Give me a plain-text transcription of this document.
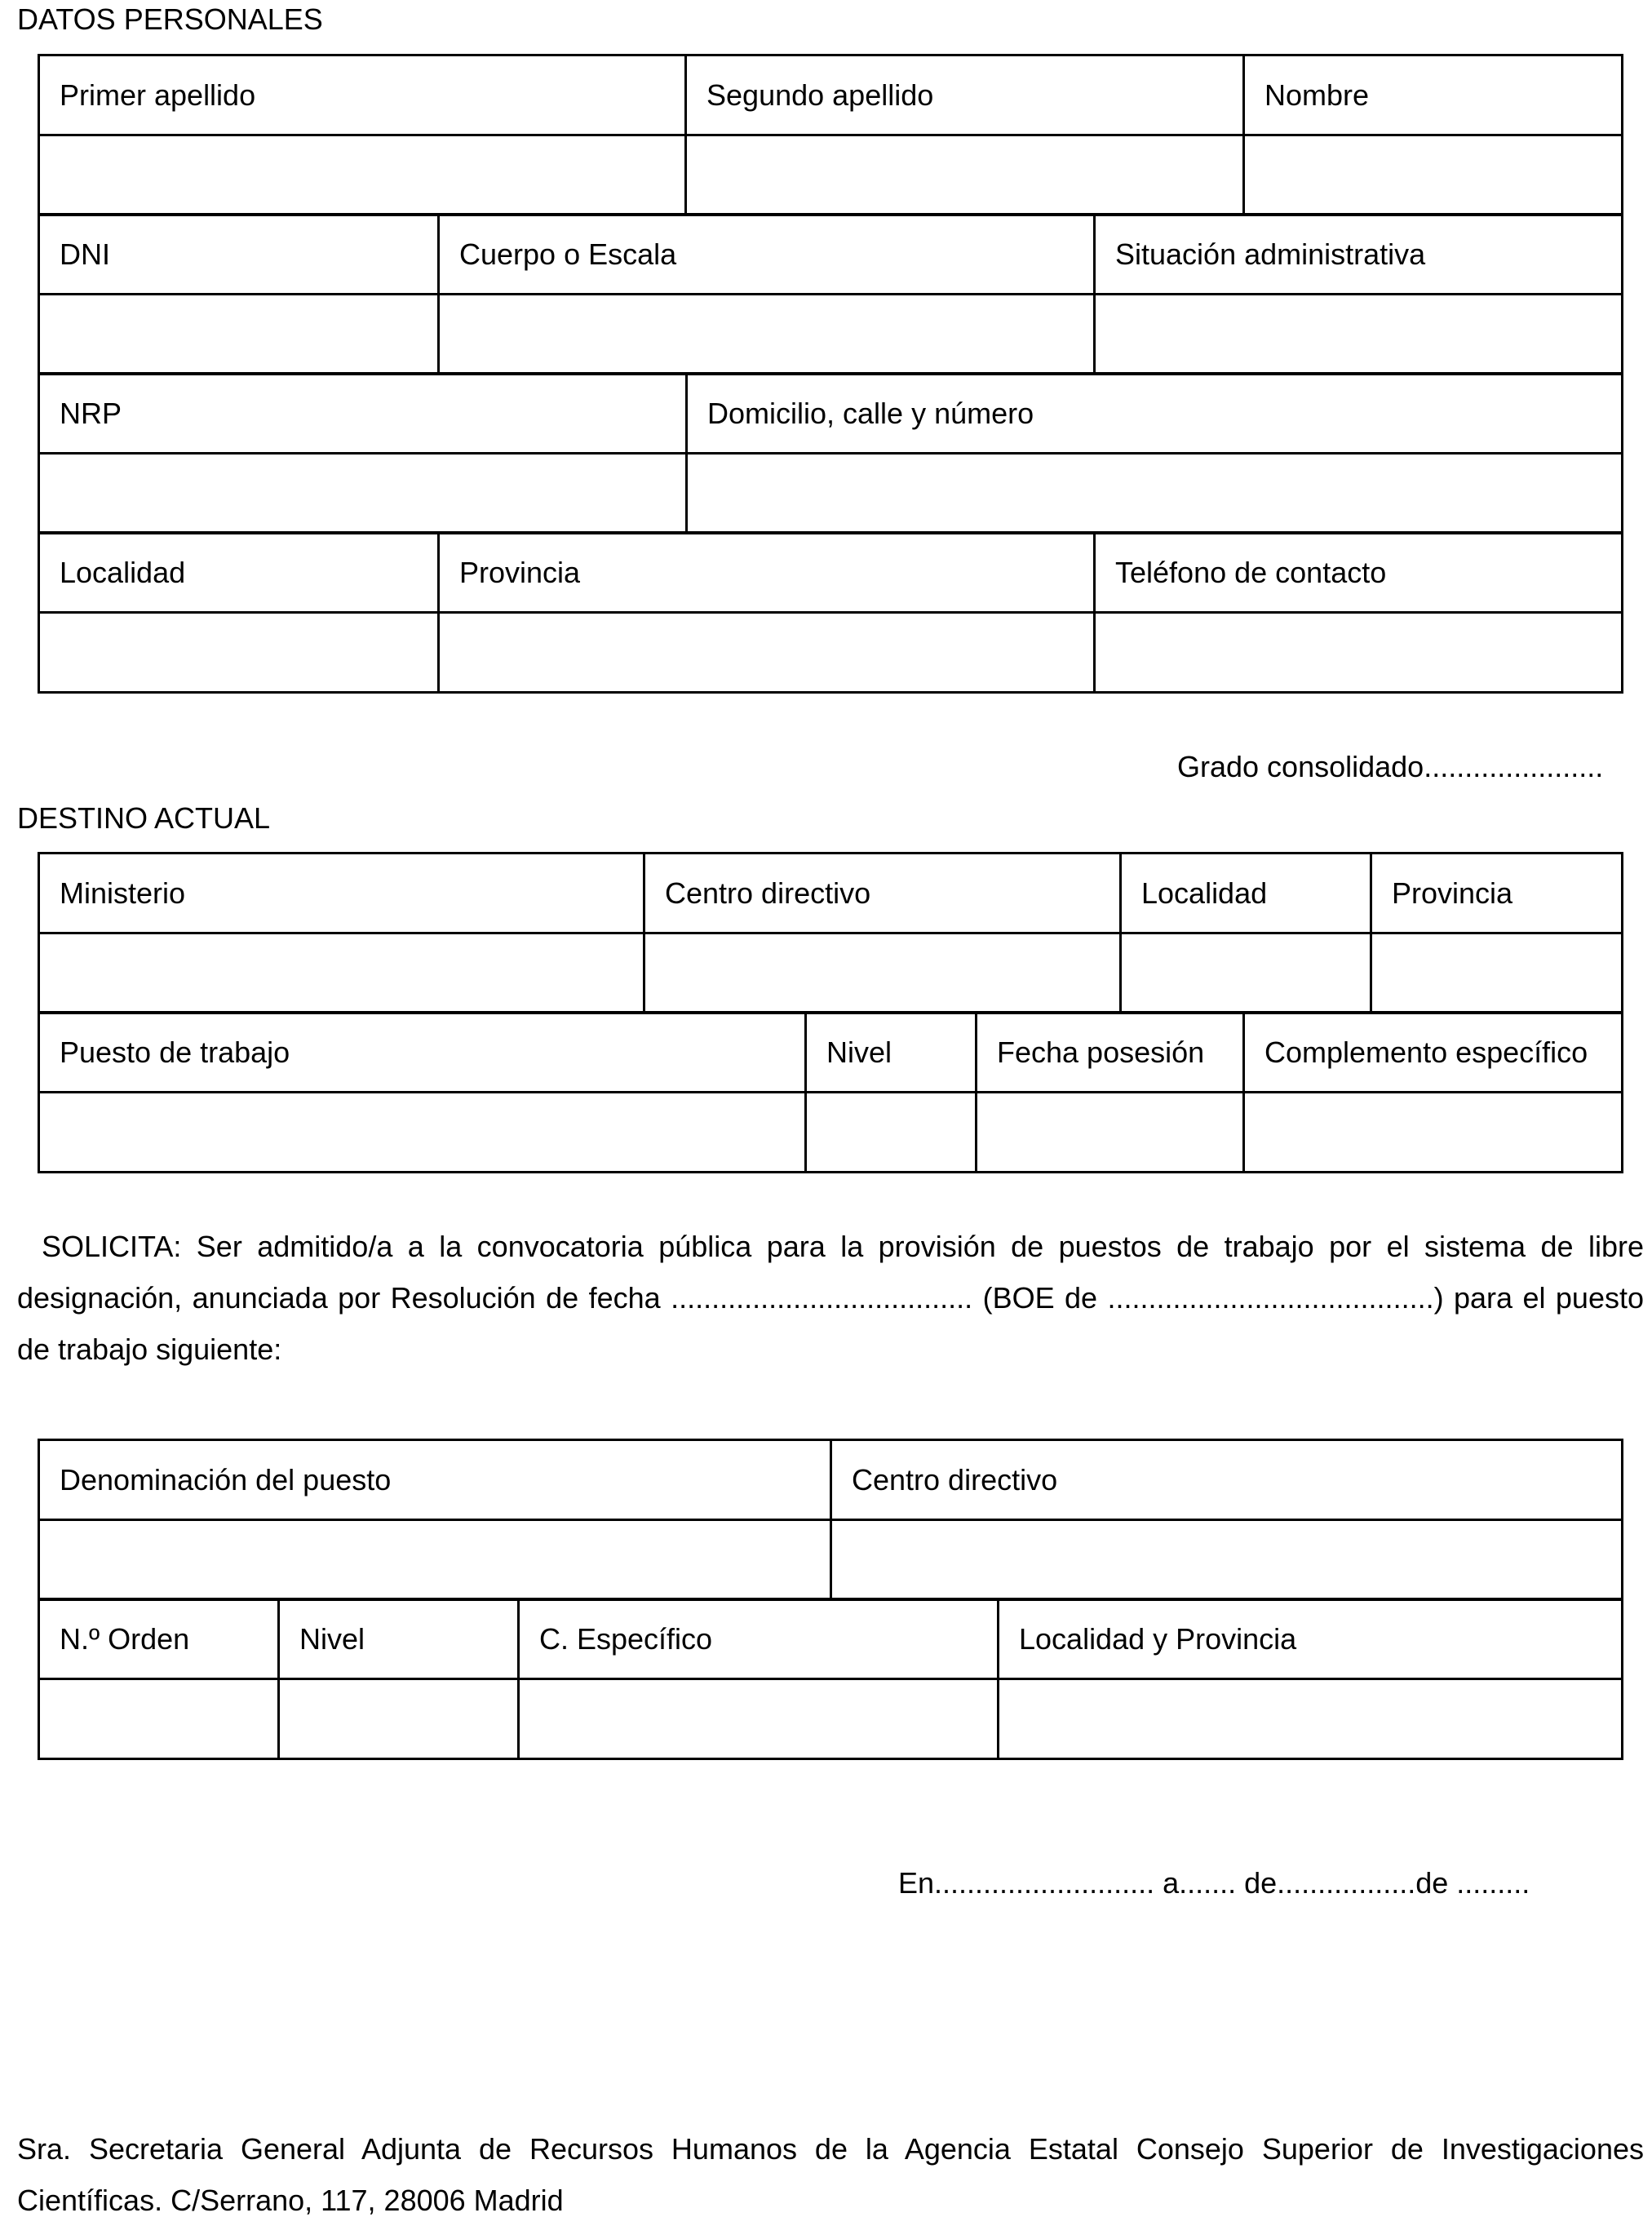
DATOS PERSONALES
Primer apellido	Segundo apellido	Nombre

DNI	Cuerpo o Escala	Situación administrativa

NRP	Domicilio, calle y número

Localidad	Provincia	Teléfono de contacto

Grado consolidado......................
DESTINO ACTUAL
Ministerio	Centro directivo	Localidad	Provincia

Puesto de trabajo	Nivel	Fecha posesión	Complemento específico

SOLICITA: Ser admitido/a a la convocatoria pública para la provisión de puestos de trabajo por el sistema de libre designación, anunciada por Resolución de fecha ..................................... (BOE de ........................................) para el puesto de trabajo siguiente:
Denominación del puesto	Centro directivo

N.º Orden	Nivel	C. Específico	Localidad y Provincia

En........................... a....... de.................de .........
Sra. Secretaria General Adjunta de Recursos Humanos de la Agencia Estatal Consejo Superior de Investigaciones Científicas. C/Serrano, 117, 28006 Madrid
